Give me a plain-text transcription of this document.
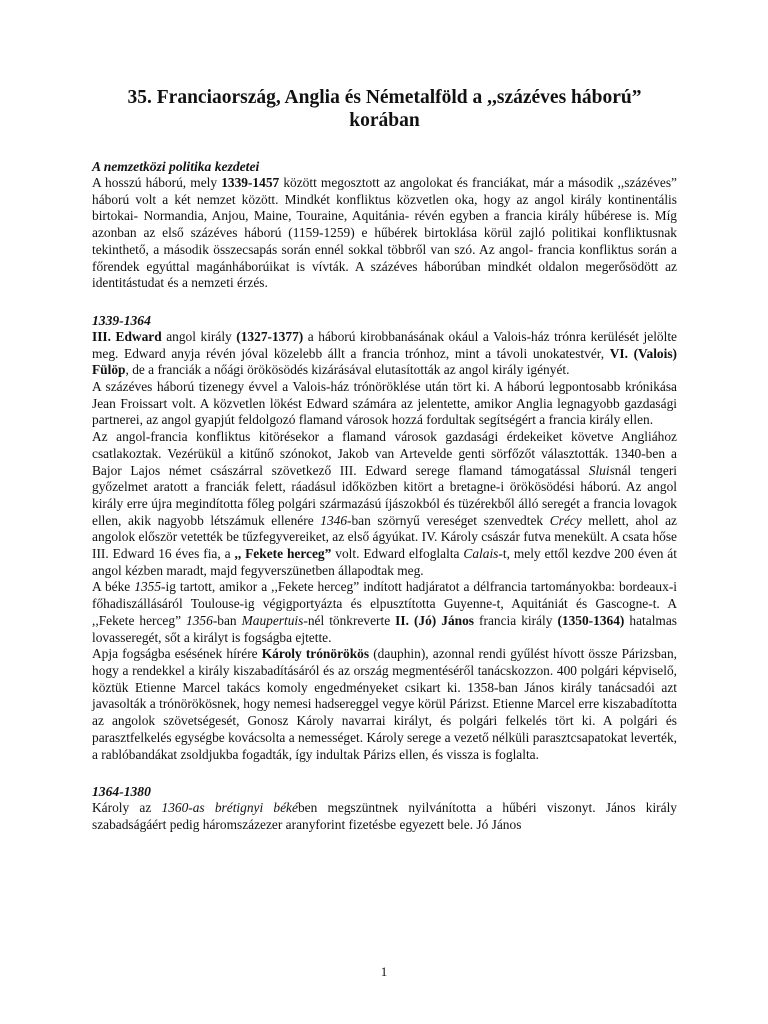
35. Franciaország, Anglia és Németalföld a ,,százéves háború” korában
A nemzetközi politika kezdetei

A hosszú háború, mely 1339-1457 között megosztott az angolokat és franciákat, már a második ,,százéves” háború volt a két nemzet között. Mindkét konfliktus közvetlen oka, hogy az angol király kontinentális birtokai- Normandia, Anjou, Maine, Touraine, Aquitánia- révén egyben a francia király hűbérese is. Míg azonban az első százéves háború (1159-1259) e hűbérek birtoklása körül zajló politikai konfliktusnak tekinthető, a második összecsapás során ennél sokkal többről van szó. Az angol- francia konfliktus során a főrendek egyúttal magánháborúikat is vívták. A százéves háborúban mindkét oldalon megerősödött az identitástudat és a nemzeti érzés.

1339-1364

III. Edward angol király (1327-1377) a háború kirobbanásának okául a Valois-ház trónra kerülését jelölte meg. Edward anyja révén jóval közelebb állt a francia trónhoz, mint a távoli unokatestvér, VI. (Valois) Fülöp, de a franciák a nőági örökösödés kizárásával elutasították az angol király igényét.

A százéves háború tizenegy évvel a Valois-ház trónöröklése után tört ki. A háború legpontosabb krónikása Jean Froissart volt. A közvetlen lökést Edward számára az jelentette, amikor Anglia legnagyobb gazdasági partnerei, az angol gyapjút feldolgozó flamand városok hozzá fordultak segítségért a francia király ellen.

Az angol-francia konfliktus kitörésekor a flamand városok gazdasági érdekeiket követve Angliához csatlakoztak. Vezérükül a kitűnő szónokot, Jakob van Artevelde genti sörfőzőt választották. 1340-ben a Bajor Lajos német császárral szövetkező III. Edward serege flamand támogatással Sluisnál tengeri győzelmet aratott a franciák felett, ráadásul időközben kitört a bretagne-i örökösödési háború. Az angol király erre újra megindította főleg polgári származású íjászokból és tüzérekből álló seregét a francia lovagok ellen, akik nagyobb létszámuk ellenére 1346-ban szörnyű vereséget szenvedtek Crécy mellett, ahol az angolok először vetették be tűzfegyvereiket, az első ágyúkat. IV. Károly császár futva menekült. A csata hőse III. Edward 16 éves fia, a ,, Fekete herceg” volt. Edward elfoglalta Calais-t, mely ettől kezdve 200 éven át angol kézben maradt, majd fegyverszünetben állapodtak meg.

A béke 1355-ig tartott, amikor a ,,Fekete herceg” indított hadjáratot a délfrancia tartományokba: bordeaux-i főhadiszállásáról Toulouse-ig végigportyázta és elpusztította Guyenne-t, Aquitániát és Gascogne-t. A ,,Fekete herceg” 1356-ban Maupertuis-nél tönkreverte II. (Jó) János francia király (1350-1364) hatalmas lovasseregét, sőt a királyt is fogságba ejtette.

Apja fogságba esésének hírére Károly trónörökös (dauphin), azonnal rendi gyűlést hívott össze Párizsban, hogy a rendekkel a király kiszabadításáról és az ország megmentéséről tanácskozzon. 400 polgári képviselő, köztük Etienne Marcel takács komoly engedményeket csikart ki. 1358-ban János király tanácsadói azt javasolták a trónörökösnek, hogy nemesi hadsereggel vegye körül Párizst. Etienne Marcel erre kiszabadította az angolok szövetségesét, Gonosz Károly navarrai királyt, és polgári felkelés tört ki. A polgári és parasztfelkelés egységbe kovácsolta a nemességet. Károly serege a vezető nélküli parasztcsapatokat leverték, a rablóbandákat zsoldjukba fogadták, így indultak Párizs ellen, és vissza is foglalta.

1364-1380

Károly az 1360-as brétignyi békében megszüntnek nyilvánította a hűbéri viszonyt. János király szabadságáért pedig háromszázezer aranyforint fizetésbe egyezett bele. Jó János

1
